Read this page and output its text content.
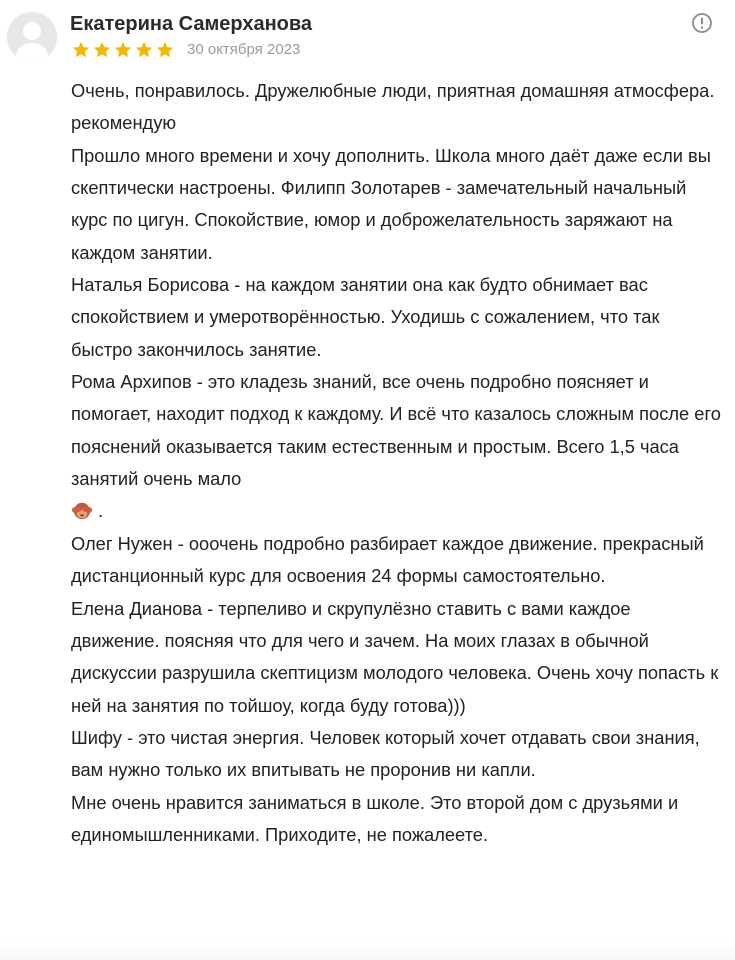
Екатерина Самерханова
30 октября 2023

Очень, понравилось. Дружелюбные люди, приятная домашняя атмосфера. рекомендую

Прошло много времени и хочу дополнить. Школа много даёт даже если вы скептически настроены. Филипп Золотарев - замечательный начальный курс по цигун. Спокойствие, юмор и доброжелательность заряжают на каждом занятии.

Наталья Борисова - на каждом занятии она как будто обнимает вас спокойствием и умеротворённостью. Уходишь с сожалением, что так быстро закончилось занятие.

Рома Архипов - это кладезь знаний, все очень подробно поясняет и помогает, находит подход к каждому. И всё что казалось сложным после его пояснений оказывается таким естественным и простым. Всего 1,5 часа занятий очень мало
.

Олег Нужен - ооочень подробно разбирает каждое движение. прекрасный дистанционный курс для освоения 24 формы самостоятельно.

Елена Дианова - терпеливо и скрупулёзно ставить с вами каждое движение. поясняя что для чего и зачем. На моих глазах в обычной дискуссии разрушила скептицизм молодого человека. Очень хочу попасть к ней на занятия по тойшоу, когда буду готова)))

Шифу - это чистая энергия. Человек который хочет отдавать свои знания, вам нужно только их впитывать не проронив ни капли.

Мне очень нравится заниматься в школе. Это второй дом с друзьями и единомышленниками. Приходите, не пожалеете.
